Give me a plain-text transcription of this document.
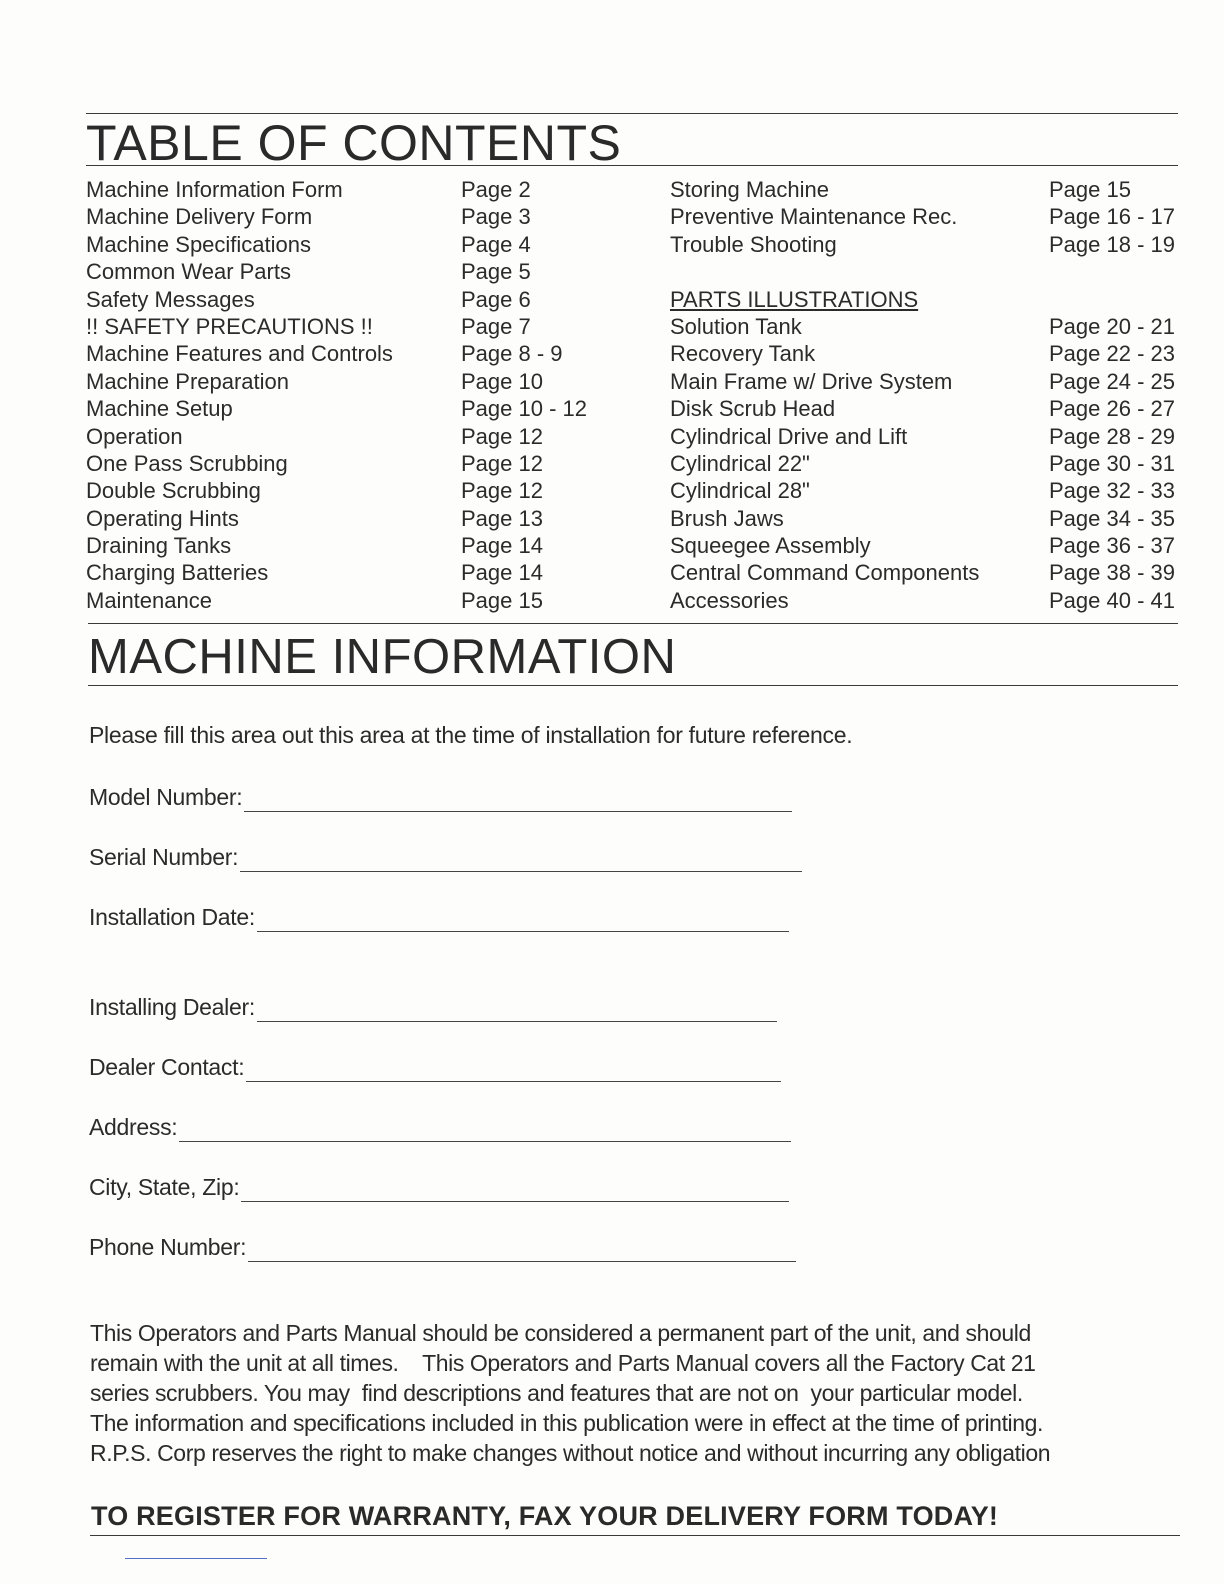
TABLE OF CONTENTS
Machine Information Form	Page 2
Machine Delivery Form	Page 3
Machine Specifications	Page 4
Common Wear Parts	Page 5
Safety Messages	Page 6
!! SAFETY PRECAUTIONS !!	Page 7
Machine Features and Controls	Page 8 - 9
Machine Preparation	Page 10
Machine Setup	Page 10 - 12
Operation	Page 12
One Pass Scrubbing	Page 12
Double Scrubbing	Page 12
Operating Hints	Page 13
Draining Tanks	Page 14
Charging Batteries	Page 14
Maintenance	Page 15
Storing Machine	Page 15
Preventive Maintenance Rec.	Page 16 - 17
Trouble Shooting	Page 18 - 19
PARTS ILLUSTRATIONS
Solution Tank	Page 20 - 21
Recovery Tank	Page 22 - 23
Main Frame w/ Drive System	Page 24 - 25
Disk Scrub Head	Page 26 - 27
Cylindrical Drive and Lift	Page 28 - 29
Cylindrical 22"	Page 30 - 31
Cylindrical 28"	Page 32 - 33
Brush Jaws	Page 34 - 35
Squeegee Assembly	Page 36 - 37
Central Command Components	Page 38 - 39
Accessories	Page 40 - 41
MACHINE INFORMATION
Please fill this area out this area at the time of installation for future reference.
Model Number:
Serial Number:
Installation Date:
Installing Dealer:
Dealer Contact:
Address:
City, State, Zip:
Phone Number:

This Operators and Parts Manual should be considered a permanent part of the unit, and should

remain with the unit at all times.    This Operators and Parts Manual covers all the Factory Cat 21

series scrubbers. You may  find descriptions and features that are not on  your particular model.

The information and specifications included in this publication were in effect at the time of printing.

R.P.S. Corp reserves the right to make changes without notice and without incurring any obligation

TO REGISTER FOR WARRANTY, FAX YOUR DELIVERY FORM TODAY!
